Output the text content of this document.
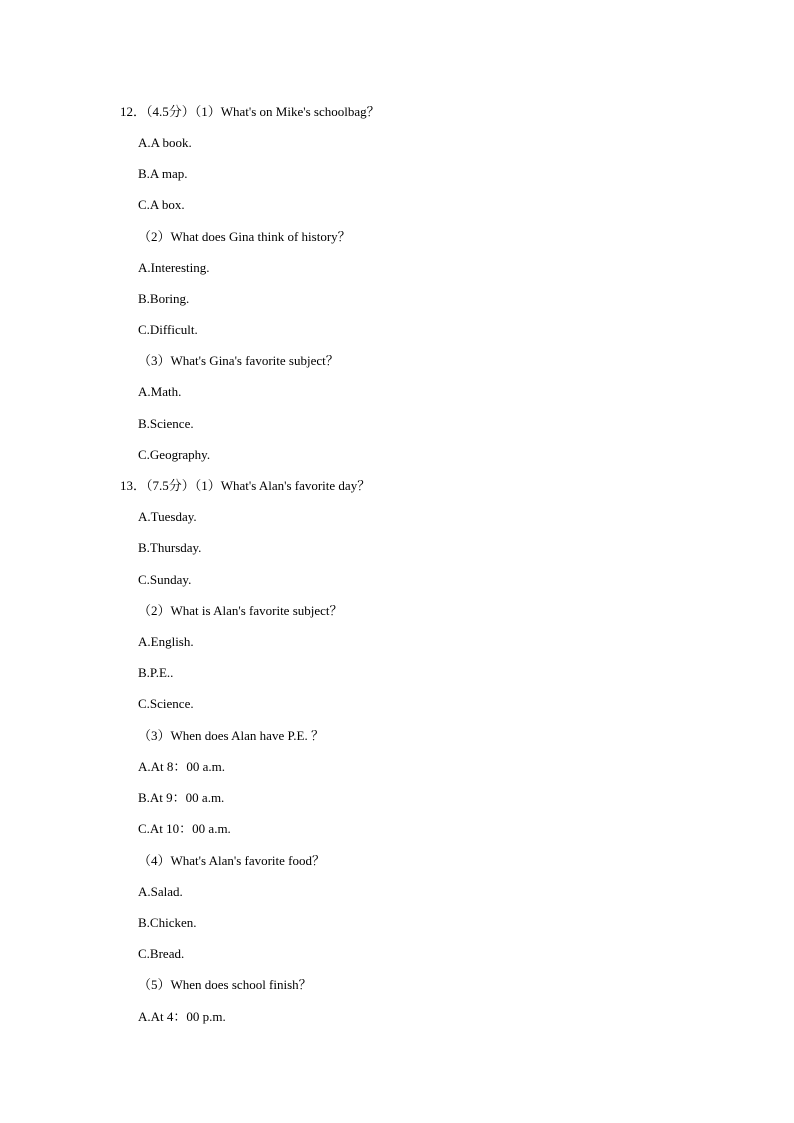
12．（4.5分）（1）What's on Mike's schoolbag？
A.A book.
B.A map.
C.A box.
（2）What does Gina think of history？
A.Interesting.
B.Boring.
C.Difficult.
（3）What's Gina's favorite subject？
A.Math.
B.Science.
C.Geography.
13．（7.5分）（1）What's Alan's favorite day？
A.Tuesday.
B.Thursday.
C.Sunday.
（2）What is Alan's favorite subject？
A.English.
B.P.E..
C.Science.
（3）When does Alan have P.E. ？
A.At 8：00 a.m.
B.At 9：00 a.m.
C.At 10：00 a.m.
（4）What's Alan's favorite food？
A.Salad.
B.Chicken.
C.Bread.
（5）When does school finish？
A.At 4：00 p.m.
